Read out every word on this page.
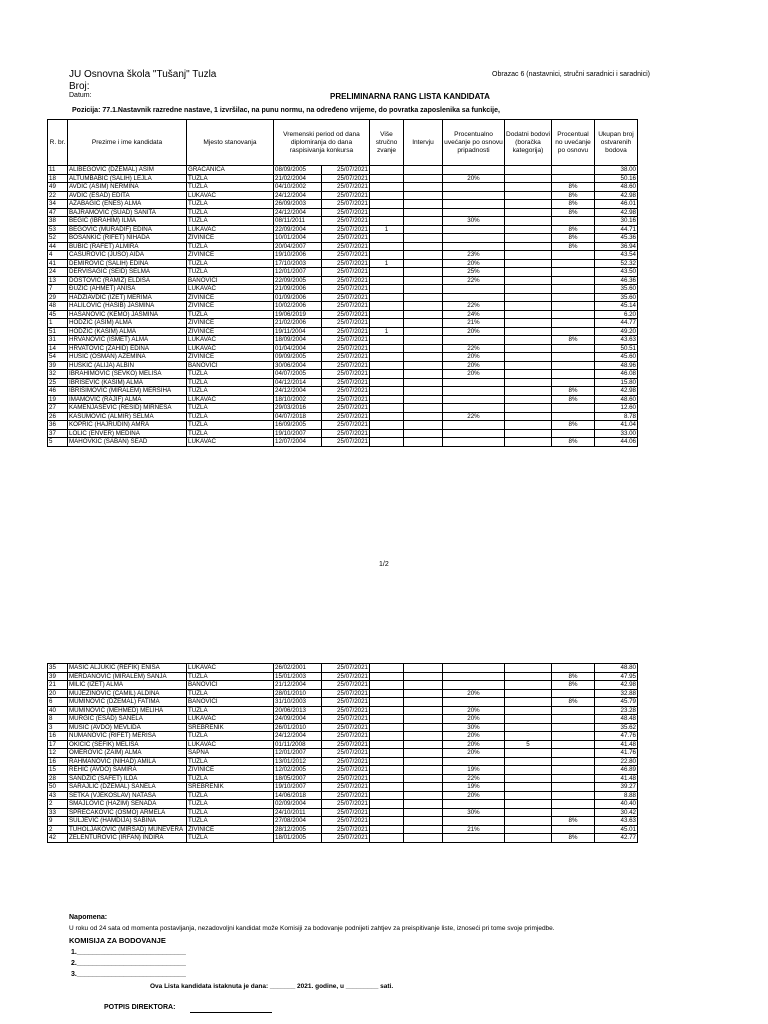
JU Osnovna škola "Tušanj" Tuzla
Broj:
Datum:
Obrazac 6 (nastavnici, stručni saradnici i saradnici)
PRELIMINARNA RANG LISTA KANDIDATA
Pozicija: 77.1.Nastavnik razredne nastave, 1 izvršilac, na punu normu, na određeno vrijeme, do povratka zaposlenika sa funkcije,
R. br.	Prezime i ime kandidata	Mjesto stanovanja	Vremenski period od dana diplomiranja do dana raspisivanja konkursa		Više stručno zvanje	Intervju	Procentualno uvećanje po osnovu pripadnosti	Dodatni bodovi (boračka kategorija)	Procentual no uvećanje po osnovu	Ukupan broj ostvarenih bodova
11	ALIBEGOVIĆ (DŽEMAL) ASIM	GRAČANICA	08/09/2005	25/07/2021						38.00
18	ALTUMBABIĆ (SALIH) LEJLA	TUZLA	21/02/2004	25/07/2021			20%			50.16
49	AVDIĆ (ASIM) NERMINA	TUZLA	04/10/2002	25/07/2021					8%	48.60
22	AVDIĆ (ESAD) EDITA	LUKAVAC	24/12/2004	25/07/2021					8%	42.98
34	AZABAGIĆ (ENES) ALMA	TUZLA	26/09/2003	25/07/2021					8%	46.01
47	BAJRAMOVIĆ (SUAD) SANITA	TUZLA	24/12/2004	25/07/2021					8%	42.98
38	BEGIĆ (IBRAHIM) ILMA	TUZLA	08/11/2011	25/07/2021			30%			30.16
53	BEGOVIĆ (MURADIF) EDINA	LUKAVAC	22/09/2004	25/07/2021	1				8%	44.71
52	BOSANKIĆ (RIFET) NIHADA	ŽIVINICE	10/01/2004	25/07/2021					8%	45.36
44	BUBIĆ (RAFET) ALMIRA	TUZLA	20/04/2007	25/07/2021					8%	36.94
4	ČASUROVIĆ (JUSO) AIDA	ŽIVINICE	19/10/2006	25/07/2021			23%			43.54
41	DEMIROVIĆ (SALIH) EDINA	TUZLA	17/10/2003	25/07/2021	1		20%			52.32
24	DERVIŠAGIĆ (SEID) SELMA	TUZLA	12/01/2007	25/07/2021			25%			43.50
13	DOSTOVIĆ (RAMIZ) ELDISA	BANOVIĆI	22/09/2005	25/07/2021			22%			46.36
7	ĐUZIĆ (AHMET) ANISA	LUKAVAC	21/09/2006	25/07/2021						35.60
29	HADŽIAVDIĆ (IZET) MERIMA	ŽIVINICE	01/09/2006	25/07/2021						35.60
48	HALILOVIĆ (HASIB) JASMINA	ŽIVINICE	10/02/2006	25/07/2021			22%			45.14
45	HASANOVIĆ (KEMO) JASMINA	TUZLA	19/06/2019	25/07/2021			24%			6.20
1	HODŽIĆ (ASIM) ALMA	ŽIVINICE	21/02/2006	25/07/2021			21%			44.77
51	HODŽIĆ (KASIM) ALMA	ŽIVINICE	19/11/2004	25/07/2021	1		20%			49.20
31	HRVANOVIĆ (ISMET) ALMA	LUKAVAC	18/09/2004	25/07/2021					8%	43.63
14	HRVATOVIĆ (ZAHID) EDINA	LUKAVAC	01/04/2004	25/07/2021			22%			50.51
54	HUSIĆ (OSMAN) AZEMINA	ŽIVINICE	09/09/2005	25/07/2021			20%			45.60
39	HUSKIĆ (ALIJA) ALBIN	BANOVIĆI	30/06/2004	25/07/2021			20%			48.96
32	IBRAHIMOVIĆ (ŠEVKO) MELISA	TUZLA	04/07/2005	25/07/2021			20%			46.08
25	IBRIŠEVIĆ (KASIM) ALMA	TUZLA	04/12/2014	25/07/2021						15.80
46	IBRIŠIMOVIĆ (MIRALEM) MERSIHA	TUZLA	24/12/2004	25/07/2021					8%	42.98
19	IMAMOVIĆ (RAJIF) ALMA	LUKAVAC	18/10/2002	25/07/2021					8%	48.60
27	KAMENJAŠEVIĆ (REŠID) MIRNESA	TUZLA	29/03/2016	25/07/2021						12.60
26	KASUMOVIĆ (ALMIR) SELMA	TUZLA	04/07/2018	25/07/2021			22%			8.78
36	KOPRIĆ (HAJRUDIN) AMRA	TUZLA	16/09/2005	25/07/2021					8%	41.04
37	LOLIĆ (ENVER) MEDINA	TUZLA	19/10/2007	25/07/2021						33.00
5	MAHOVKIĆ (ŠABAN) SEAD	LUKAVAC	12/07/2004	25/07/2021					8%	44.06
1/2
35	MAŠIĆ ALJUKIĆ (REFIK) ENISA	LUKAVAC	26/02/2001	25/07/2021						48.80
39	MERDANOVIĆ (MIRALEM) SANJA	TUZLA	15/01/2003	25/07/2021					8%	47.95
21	MILIĆ (IZET) ALMA	BANOVIĆI	21/12/2004	25/07/2021					8%	42.98
20	MUJEZINOVIĆ (ĆAMIL) ALDINA	TUZLA	28/01/2010	25/07/2021			20%			32.88
6	MUMINOVIĆ (DŽEMAL) FATIMA	BANOVIĆI	31/10/2003	25/07/2021					8%	45.79
40	MUMINOVIĆ (MEHMED) MELIHA	TUZLA	20/06/2013	25/07/2021			20%			23.28
8	MURGIĆ (ESAD) SANELA	LUKAVAC	24/09/2004	25/07/2021			20%			48.48
3	MUSIĆ (AVDO) MEVLIDA	SREBRENIK	26/01/2010	25/07/2021			30%			35.62
16	NUMANOVIĆ (RIFET) MERISA	TUZLA	24/12/2004	25/07/2021			20%			47.76
17	OKIČIĆ (ŠEFIK) MELISA	LUKAVAC	01/11/2008	25/07/2021			20%	5		41.48
12	OMEROVIĆ (ZAIM) ALMA	SAPNA	12/01/2007	25/07/2021			20%			41.76
16	RAHMANOVIĆ (NIHAD) AMILA	TUZLA	13/01/2012	25/07/2021						22.80
15	REHIĆ (AVDO) SAMIRA	ŽIVINICE	12/02/2005	25/07/2021			19%			46.89
28	SANDŽIĆ (SAFET) ILDA	TUZLA	18/05/2007	25/07/2021			22%			41.48
50	SARAJLIĆ (DŽEMAL) SANELA	SREBRENIK	19/10/2007	25/07/2021			19%			39.27
43	ŠETKA (VJEKOSLAV) NATAŠA	TUZLA	14/06/2018	25/07/2021			20%			8.88
2	SMAJLOVIĆ (HAZIM) SENADA	TUZLA	02/09/2004	25/07/2021						40.40
33	SPREČAKOVIĆ (OSMO) ARMELA	TUZLA	24/10/2011	25/07/2021			30%			30.42
9	SULJEVIĆ (HAMDIJA) SABINA	TUZLA	27/08/2004	25/07/2021					8%	43.63
2	TUHOLJAKOVIĆ (MIRSAD) MUNEVERA	ŽIVINICE	28/12/2005	25/07/2021			21%			45.01
42	ZELENTUROVIĆ (IRFAN) INDIRA	TUZLA	18/01/2005	25/07/2021					8%	42.77
Napomena:
U roku od 24 sata od momenta postavljanja, nezadovoljni kandidat može Komisiji za bodovanje podnijeti zahtjev za preispitivanje liste, iznoseći pri tome svoje primjedbe.
KOMISIJA ZA BODOVANJE
1.____________________________
2.____________________________
3.____________________________
Ova Lista kandidata istaknuta je dana: _______ 2021. godine, u _________ sati.
POTPIS DIREKTORA:
